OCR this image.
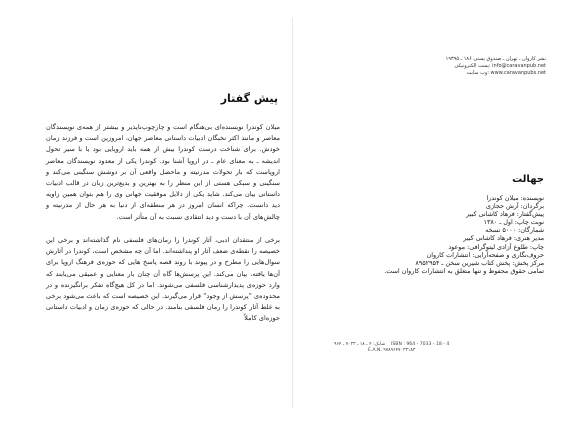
پیش گفتار

میلان کوندرا نویسنده‌ای بی‌هنگام است و چارچوب‌ناپذیر و بیشتر از همه‌ی نویسندگان معاصر و مانند اکثر نخبگان ادبیات داستانی معاصر جهان، امروزین است و فرزند زمان خودش. برای شناخت درست کوندرا بیش از همه باید اروپایی بود یا با سیر تحول اندیشه ـ به معنای عام ـ در اروپا آشنا بود. کوندرا یکی از معدود نویسندگان معاصر اروپاست که بار تحولات مدرنیته و ماحصل واقعی آن بر دوشش سنگینی می‌کند و سنگینی و سبکی هستی از این منظر را به بهترین و بدیع‌ترین زبان در قالب ادبیات داستانی بیان می‌کند. شاید یکی از دلایل موفقیت جهانی وی را هم بتوان همین زاویه دید دانست. چراکه انسان امروز در هر منطقه‌ای از دنیا به هر حال از مدرنیته و چالش‌های آن با دست و دید انتقادی نسبت به آن متأثر است.

برخی از منتقدان ادبی، آثار کوندرا را رمان‌های فلسفی نام گذاشته‌اند و برخی این خصیصه را نقطه‌ی ضعف آثار او پنداشته‌اند. اما آن چه مشخص است، کوندرا در آثارش سوال‌هایی را مطرح و در پیوند با روند قصه پاسخ هایی که حوزه‌ی فرهنگ اروپا برای آن‌ها یافته، بیان می‌کند. این پرسش‌ها گاه آن چنان بار معنایی و عمیقی می‌یابند که وارد حوزه‌ی پدیدارشناسی فلسفی می‌شوند. اما در کل هیچ‌گاه تفکر برانگیزنده و در محدوده‌ی "پرسش از وجود" قرار می‌گیرند. این خصیصه است که باعث می‌شود برخی به غلط آثار کوندرا را رمان فلسفی بنامند. در حالی که حوزه‌ی زمان و ادبیات داستانی حوزه‌ای کاملاً

نشر کاروان ـ تهران ـ صندوق پستی ۱۸۶ ـ ۱۹۳۹۵
info@caravanpub.net :پست الکترونیکی
www.caravanpubs.net :وب سایت
جهالت
نویسنده: میلان کوندرا
برگردان: آرش حجازی
پیش‌گفتار: فرهاد کاشانی کبیر
نوبت چاپ: اول ـ ۱۳۸۰
شمارگان: ۵۰۰۰ نسخه
مدیر هنری: فرهاد کاشانی کبیر
چاپ: طلوع آزادی لیتوگرافی: موعود
حروف‌نگاری و صفحه‌آرایی: انتشارات کاروان
مرکز پخش: پخش کتاب شیرین سخن ـ ۸۹۵۲۹۵۴
تمامی حقوق محفوظ و تنها متعلق به انتشارات کاروان است.
شابک: ۴ ـ ۱۸ ـ ۷۰۳۳ ـ ۹۶۴ ISBN : 964 - 7033 - 18 - 4
E.A.N. ۹۷۸۹۶۴۷۰۳۳۱۸۳
